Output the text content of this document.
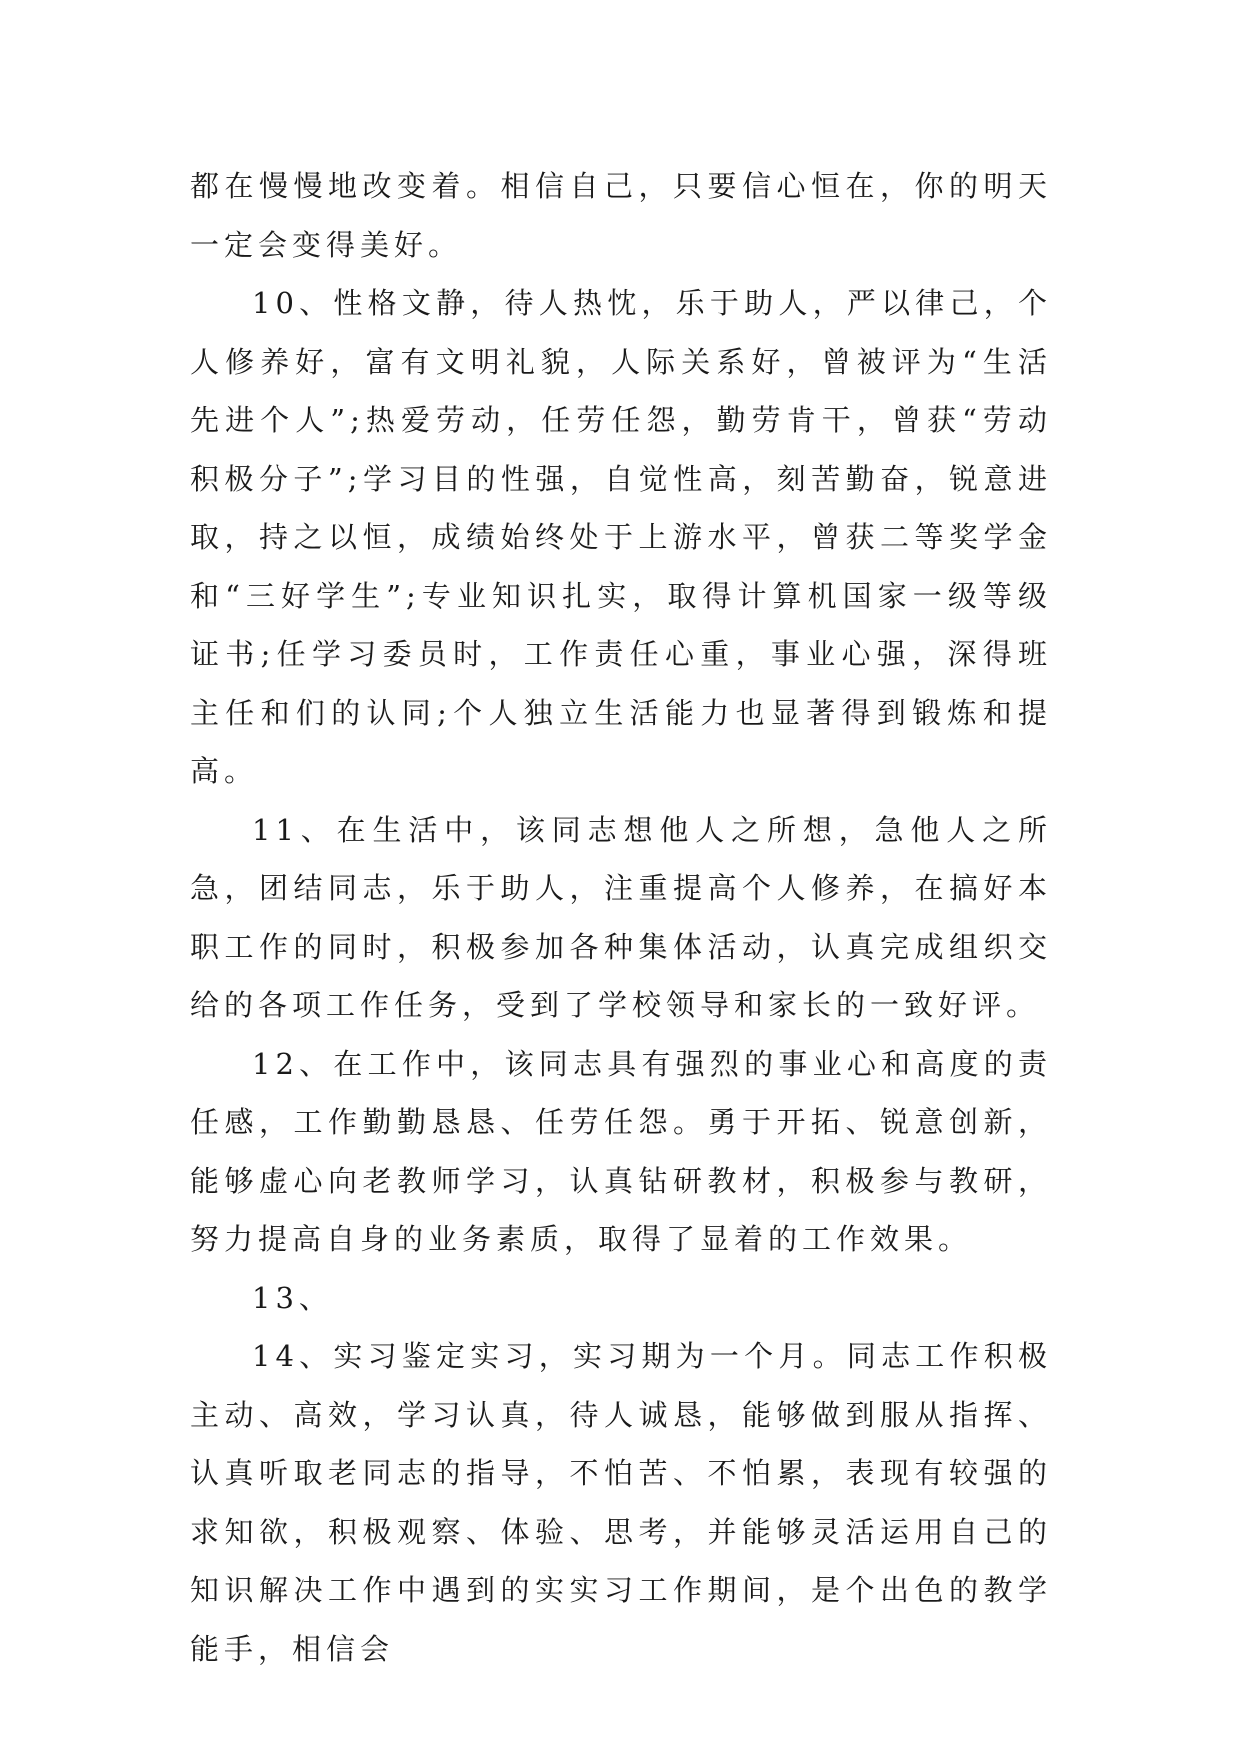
都在慢慢地改变着。相信自己，只要信心恒在，你的明天一定会变得美好。

10、性格文静，待人热忱，乐于助人，严以律己，个人修养好，富有文明礼貌，人际关系好，曾被评为“生活先进个人”;热爱劳动，任劳任怨，勤劳肯干，曾获“劳动积极分子”;学习目的性强，自觉性高，刻苦勤奋，锐意进取，持之以恒，成绩始终处于上游水平，曾获二等奖学金和“三好学生”;专业知识扎实，取得计算机国家一级等级证书;任学习委员时，工作责任心重，事业心强，深得班主任和们的认同;个人独立生活能力也显著得到锻炼和提高。

11、在生活中，该同志想他人之所想，急他人之所急，团结同志，乐于助人，注重提高个人修养，在搞好本职工作的同时，积极参加各种集体活动，认真完成组织交给的各项工作任务，受到了学校领导和家长的一致好评。

12、在工作中，该同志具有强烈的事业心和高度的责任感，工作勤勤恳恳、任劳任怨。勇于开拓、锐意创新，能够虚心向老教师学习，认真钻研教材，积极参与教研，努力提高自身的业务素质，取得了显着的工作效果。

13、

14、实习鉴定实习，实习期为一个月。同志工作积极主动、高效，学习认真，待人诚恳，能够做到服从指挥、认真听取老同志的指导，不怕苦、不怕累，表现有较强的求知欲，积极观察、体验、思考，并能够灵活运用自己的知识解决工作中遇到的实实习工作期间，是个出色的教学能手，相信会
